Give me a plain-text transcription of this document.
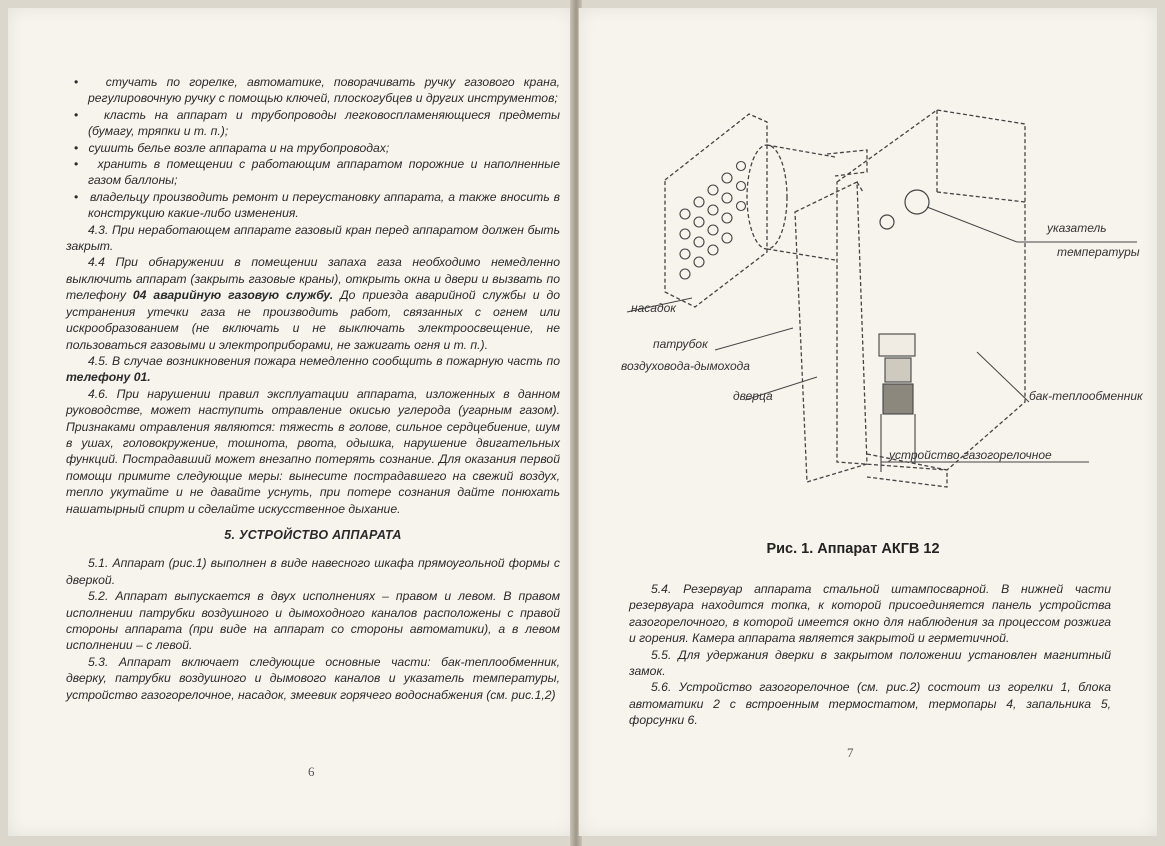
•   стучать по горелке, автоматике, поворачивать ручку газового крана, регулировочную ручку с помощью ключей, плоскогубцев и других инструментов;

•   класть на аппарат и трубопроводы легковоспламеняющиеся предметы (бумагу, тряпки и т. п.);

•   сушить белье возле аппарата и на трубопроводах;

•   хранить в помещении с работающим аппаратом порожние и наполненные газом баллоны;

•   владельцу производить ремонт и переустановку аппарата, а также вносить в конструкцию какие-либо изменения.

4.3. При неработающем аппарате газовый кран перед аппаратом должен быть закрыт.

4.4 При обнаружении в помещении запаха газа необходимо немедленно выключить аппарат (закрыть газовые краны), открыть окна и двери и вызвать по телефону 04 аварийную газовую службу. До приезда аварийной службы и до устранения утечки газа не производить работ, связанных с огнем или искрообразованием (не включать и не выключать электроосвещение, не пользоваться газовыми и электроприборами, не зажигать огня и т. п.).

4.5. В случае возникновения пожара немедленно сообщить в пожарную часть по телефону 01.

4.6. При нарушении правил эксплуатации аппарата, изложенных в данном руководстве, может наступить отравление окисью углерода (угарным газом). Признаками отравления являются: тяжесть в голове, сильное сердцебиение, шум в ушах, головокружение, тошнота, рвота, одышка, нарушение двигательных функций. Пострадавший может внезапно потерять сознание. Для оказания первой помощи примите следующие меры: вынесите пострадавшего на свежий воздух, тепло укутайте и не давайте уснуть, при потере сознания дайте понюхать нашатырный спирт и сделайте искусственное дыхание.

5. УСТРОЙСТВО АППАРАТА

5.1. Аппарат (рис.1) выполнен в виде навесного шкафа прямоугольной формы с дверкой.

5.2. Аппарат выпускается в двух исполнениях – правом и левом. В правом исполнении патрубки воздушного и дымоходного каналов расположены с правой стороны аппарата (при виде на аппарат со стороны автоматики), а в левом исполнении – с левой.

5.3. Аппарат включает следующие основные части: бак-теплообменник, дверку, патрубки воздушного и дымового каналов и указатель температуры, устройство газогорелочное, насадок, змеевик горячего водоснабжения (см. рис.1,2)

6
насадок
патрубок
воздуховода-дымохода
дверца
указатель
температуры
бак-теплообменник
устройство газогорелочное
Рис. 1. Аппарат АКГВ 12

5.4. Резервуар аппарата стальной штампосварной. В нижней части резервуара находится топка, к которой присоединяется панель устройства газогорелочного, в которой имеется окно для наблюдения за процессом розжига и горения. Камера аппарата является закрытой и герметичной.

5.5. Для удержания дверки в закрытом положении установлен магнитный замок.

5.6. Устройство газогорелочное (см. рис.2) состоит из горелки 1, блока автоматики 2 с встроенным термостатом, термопары 4, запальника 5, форсунки 6.

7
